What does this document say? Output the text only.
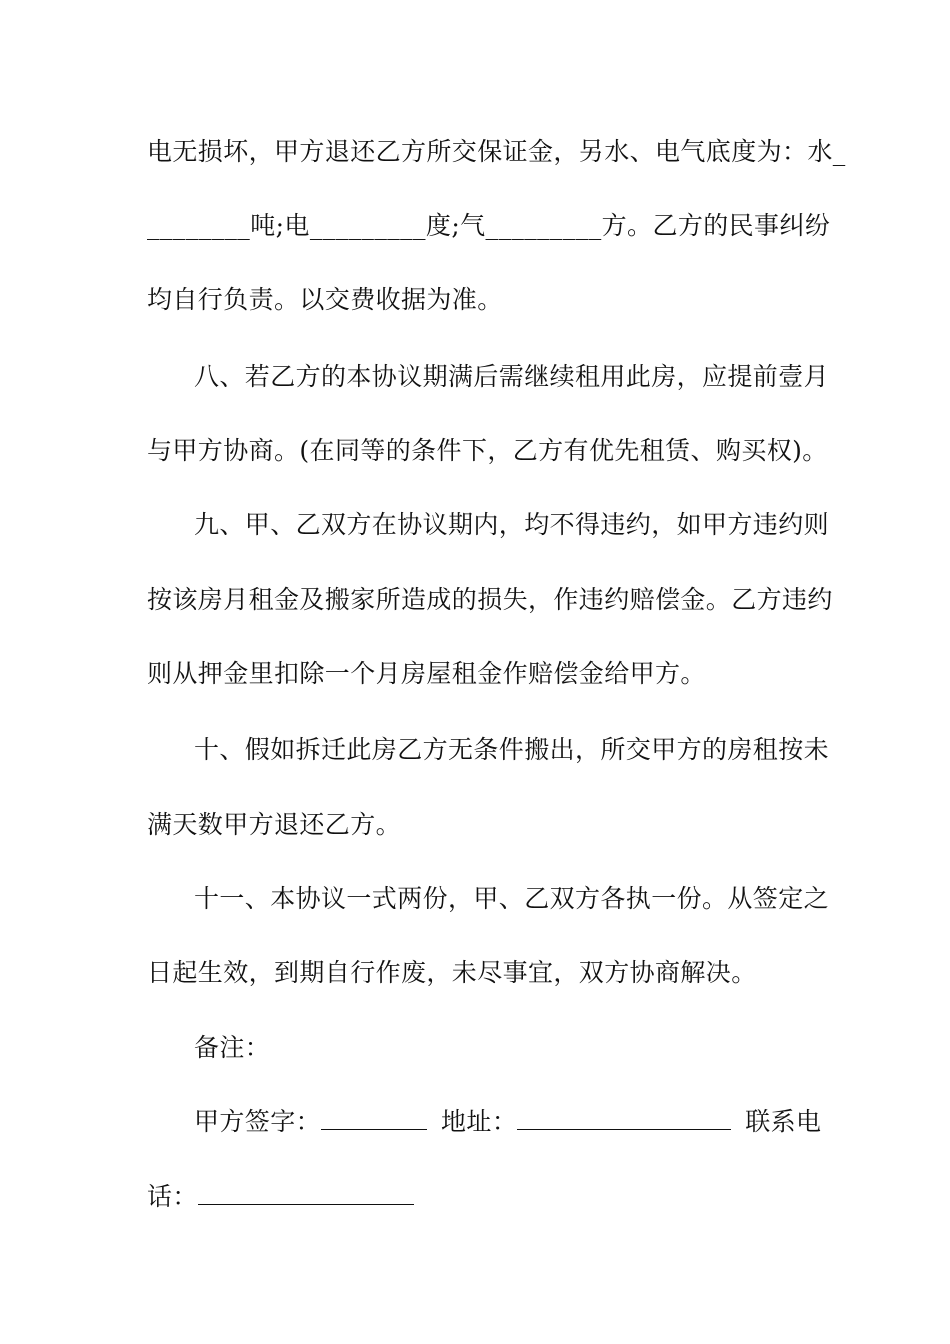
电无损坏，甲方退还乙方所交保证金，另水、电气底度为：水_
________吨;电_________度;气_________方。乙方的民事纠纷
均自行负责。以交费收据为准。
八、若乙方的本协议期满后需继续租用此房，应提前壹月
与甲方协商。(在同等的条件下，乙方有优先租赁、购买权)。
九、甲、乙双方在协议期内，均不得违约，如甲方违约则
按该房月租金及搬家所造成的损失，作违约赔偿金。乙方违约
则从押金里扣除一个月房屋租金作赔偿金给甲方。
十、假如拆迁此房乙方无条件搬出，所交甲方的房租按未
满天数甲方退还乙方。
十一、本协议一式两份，甲、乙双方各执一份。从签定之
日起生效，到期自行作废，未尽事宜，双方协商解决。
备注：
甲方签字：	地址：	联系电
话：
